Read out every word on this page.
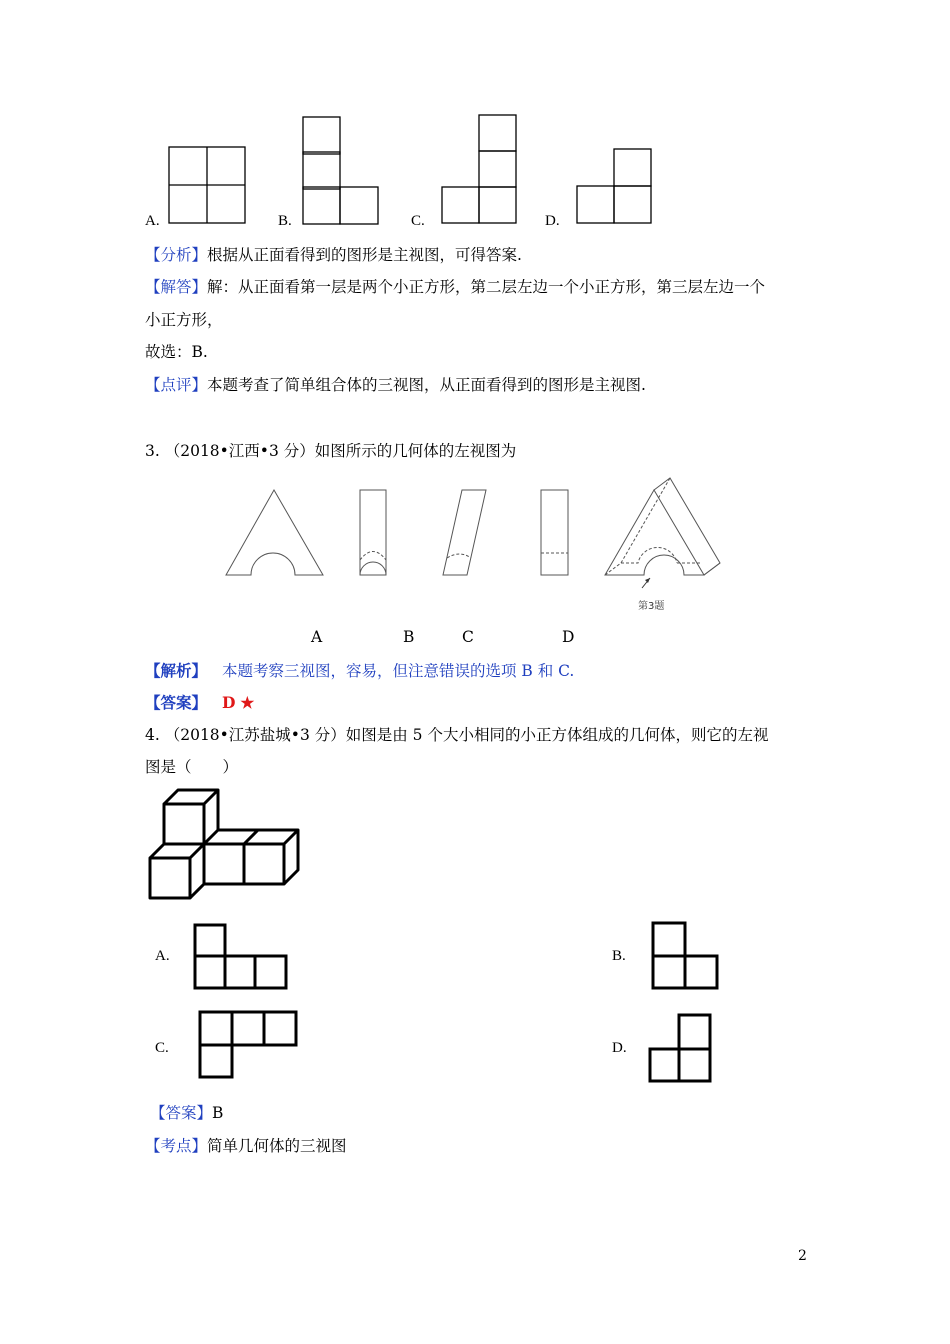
A.	B.	C.	D.
【分析】根据从正面看得到的图形是主视图，可得答案.
【解答】解：从正面看第一层是两个小正方形，第二层左边一个小正方形，第三层左边一个
小正方形，
故选：B.
【点评】本题考查了简单组合体的三视图，从正面看得到的图形是主视图.
3. （2018•江西•3 分）如图所示的几何体的左视图为
第3题
A	B	C	D
【解析】 本题考察三视图，容易，但注意错误的选项 B 和 C.
【答案】 D ★
4. （2018•江苏盐城•3 分）如图是由 5 个大小相同的小正方体组成的几何体，则它的左视
图是（　　）
A.	B.
C.	D.
【答案】B
【考点】简单几何体的三视图
2
